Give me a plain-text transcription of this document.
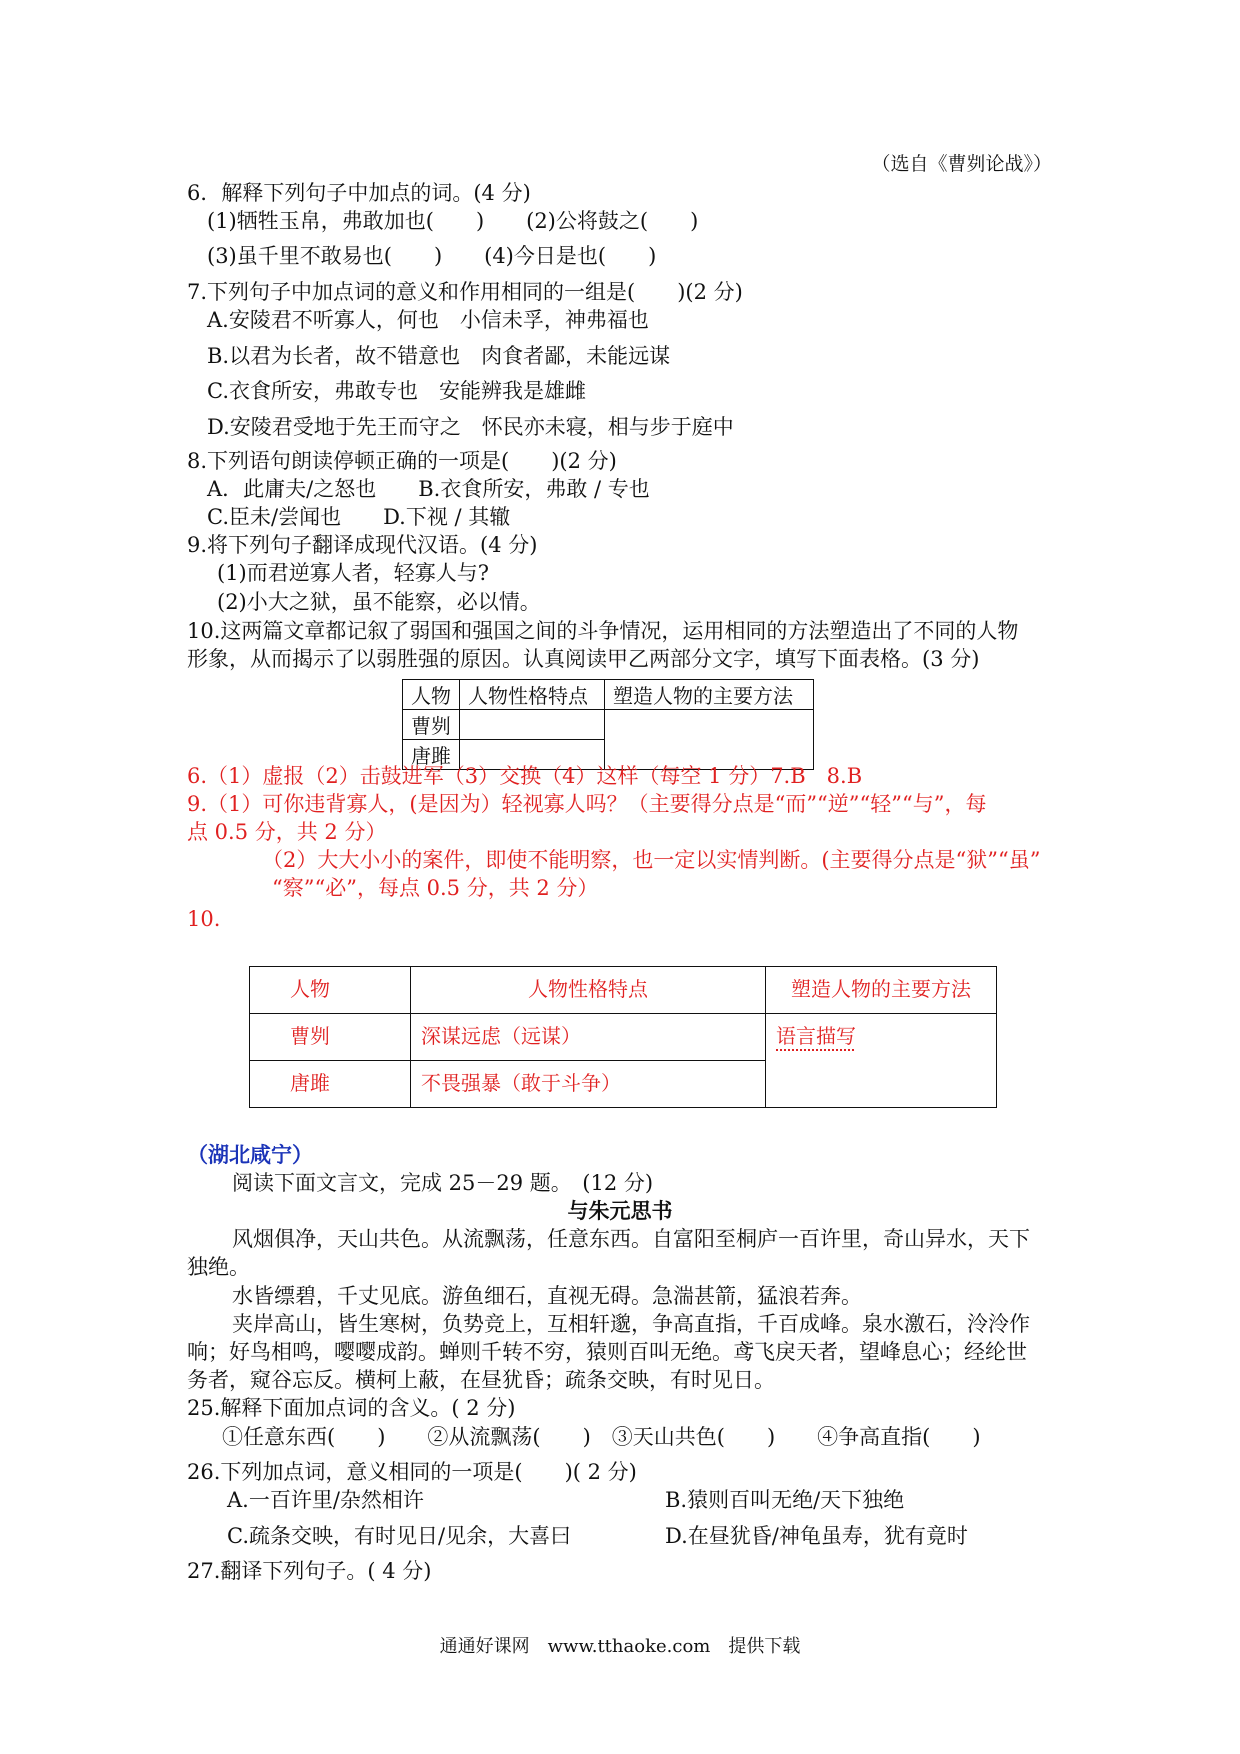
（选自《曹刿论战》）
6．解释下列句子中加点的词。(4 分)
(1)牺牲玉帛，弗敢加也(　　)　　(2)公将鼓之(　　)
(3)虽千里不敢易也(　　)　　(4)今日是也(　　)
7.下列句子中加点词的意义和作用相同的一组是(　　)(2 分)
A.安陵君不听寡人，何也　小信未孚，神弗福也
B.以君为长者，故不错意也　肉食者鄙，未能远谋
C.衣食所安，弗敢专也　安能辨我是雄雌
D.安陵君受地于先王而守之　怀民亦未寝，相与步于庭中
8.下列语句朗读停顿正确的一项是(　　)(2 分)
A．此庸夫/之怒也　　B.衣食所安，弗敢 / 专也
C.臣未/尝闻也　　D.下视 / 其辙
9.将下列句子翻译成现代汉语。(4 分)
(1)而君逆寡人者，轻寡人与?
(2)小大之狱，虽不能察，必以情。
10.这两篇文章都记叙了弱国和强国之间的斗争情况，运用相同的方法塑造出了不同的人物
形象，从而揭示了以弱胜强的原因。认真阅读甲乙两部分文字，填写下面表格。(3 分)
人物	人物性格特点	塑造人物的主要方法
曹刿		
唐雎		
6.（1）虚报（2）击鼓进军（3）交换（4）这样（每空 1 分）7.B　8.B
9.（1）可你违背寡人，(是因为）轻视寡人吗？（主要得分点是“而”“逆”“轻”“与”，每
点 0.5 分，共 2 分）
（2）大大小小的案件，即使不能明察，也一定以实情判断。(主要得分点是“狱”“虽”
“察”“必”，每点 0.5 分，共 2 分）
10.
人物	人物性格特点	塑造人物的主要方法
曹刿	深谋远虑（远谋）	语言描写
唐雎	不畏强暴（敢于斗争）	
（湖北咸宁）
阅读下面文言文，完成 25－29 题。　(12 分)
与朱元思书
风烟俱净，天山共色。从流飘荡，任意东西。自富阳至桐庐一百许里，奇山异水，天下
独绝。
水皆缥碧，千丈见底。游鱼细石，直视无碍。急湍甚箭，猛浪若奔。
夹岸高山，皆生寒树，负势竞上，互相轩邈，争高直指，千百成峰。泉水激石，泠泠作
响；好鸟相鸣，嘤嘤成韵。蝉则千转不穷，猿则百叫无绝。鸢飞戾天者，望峰息心；经纶世
务者，窥谷忘反。横柯上蔽，在昼犹昏；疏条交映，有时见日。
25.解释下面加点词的含义。( 2 分)
①任意东西(　　)　　②从流飘荡(　　)　③天山共色(　　)　　④争高直指(　　)
26.下列加点词，意义相同的一项是(　　)( 2 分)
A.一百许里/杂然相许	B.猿则百叫无绝/天下独绝
C.疏条交映，有时见日/见余，大喜曰	D.在昼犹昏/神龟虽寿，犹有竟时
27.翻译下列句子。( 4 分)
通通好课网　www.tthaoke.com　提供下载
